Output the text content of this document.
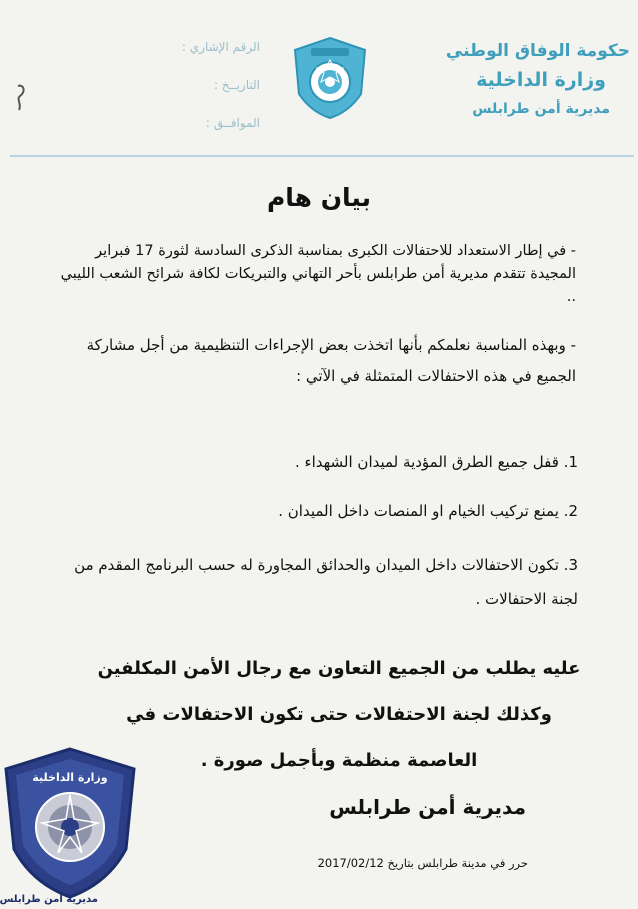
حكومة الوفاق الوطني
وزارة الداخلية
مديرية أمن طرابلس
الرقم الإشاري :
التاريــخ :
الموافــق :
بيان هام
- في إطار الاستعداد للاحتفالات الكبرى بمناسبة الذكرى السادسة لثورة 17 فبراير المجيدة تتقدم مديرية أمن طرابلس بأحر التهاني والتبريكات لكافة شرائح الشعب الليبي ..
- وبهذه المناسبة نعلمكم بأنها اتخذت بعض الإجراءات التنظيمية من أجل مشاركة الجميع في هذه الاحتفالات المتمثلة في الآتي :
1. قفل جميع الطرق المؤدية لميدان الشهداء .
2. يمنع تركيب الخيام او المنصات داخل الميدان .
3. تكون الاحتفالات داخل الميدان والحدائق المجاورة له حسب البرنامج المقدم من لجنة الاحتفالات .
عليه يطلب من الجميع التعاون مع رجال الأمن المكلفين
وكذلك لجنة الاحتفالات حتى تكون الاحتفالات في
العاصمة منظمة وبأجمل صورة .
مديرية أمن طرابلس
حرر في مدينة طرابلس بتاريخ 2017/02/12
وزارة الداخلية
مديرية أمن طرابلس
